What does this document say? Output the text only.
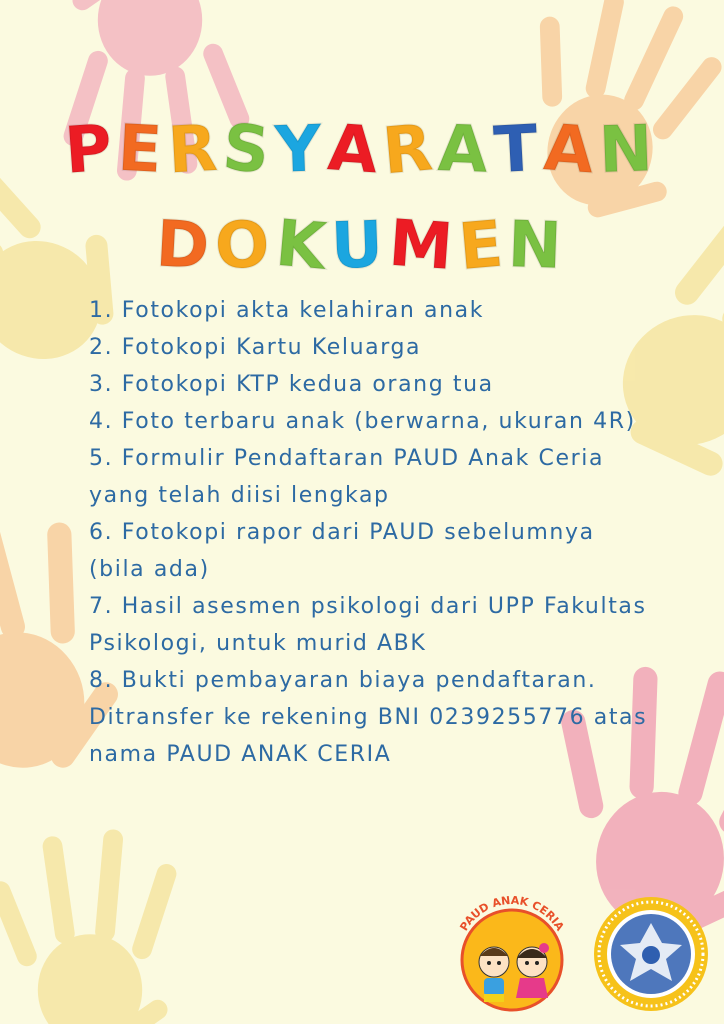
PERSYARATAN
DOKUMEN
1. Fotokopi akta kelahiran anak
2. Fotokopi Kartu Keluarga
3. Fotokopi KTP kedua orang tua
4. Foto terbaru anak (berwarna, ukuran 4R)
5. Formulir Pendaftaran PAUD Anak Ceria yang telah diisi lengkap
6. Fotokopi rapor dari PAUD sebelumnya (bila ada)
7. Hasil asesmen psikologi dari UPP Fakultas Psikologi, untuk murid ABK
8. Bukti pembayaran biaya pendaftaran. Ditransfer ke rekening BNI 0239255776 atas nama PAUD ANAK CERIA
PAUD ANAK CERIA
